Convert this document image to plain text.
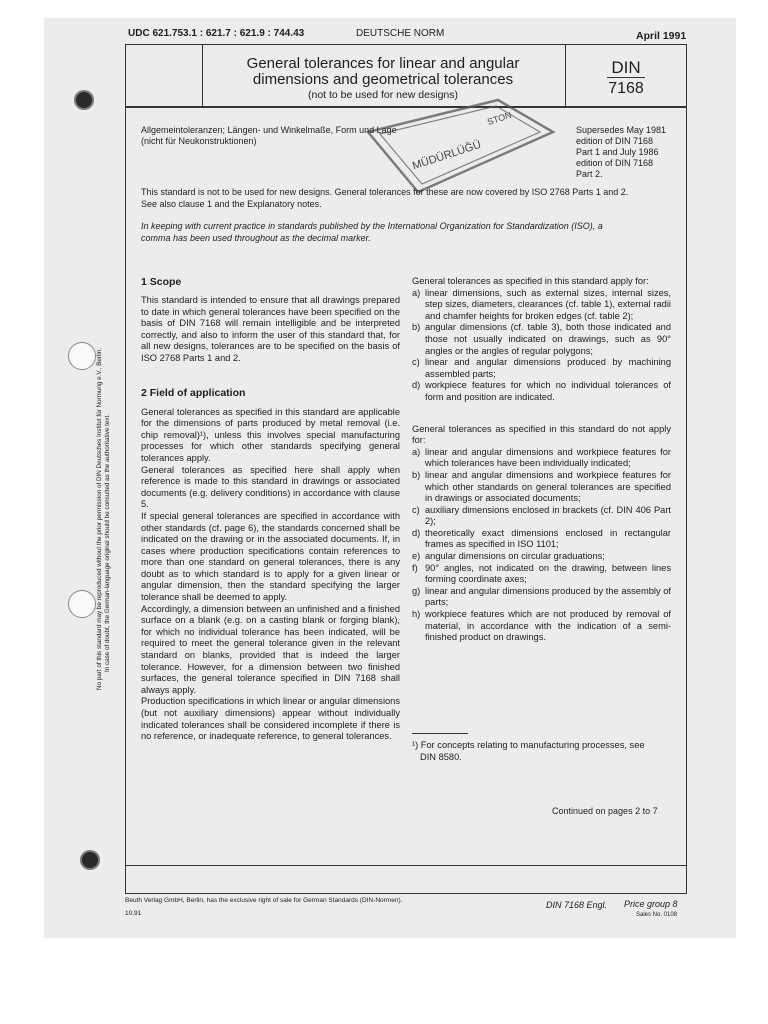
No part of this standard may be reproduced without the prior permission of DIN Deutsches Institut für Normung e.V., Berlin. In case of doubt, the German-language original should be consulted as the authoritative text.
UDC 621.753.1 : 621.7 : 621.9 : 744.43	DEUTSCHE NORM	April 1991
General tolerances for linear and angular
dimensions and geometrical tolerances
(not to be used for new designs)
DIN
7168
MÜDÜRLÜĞÜ
STON
Allgemeintoleranzen; Längen- und Winkelmaße, Form und Lage
(nicht für Neukonstruktionen)
Supersedes May 1981
edition of DIN 7168
Part 1 and July 1986
edition of DIN 7168
Part 2.
This standard is not to be used for new designs. General tolerances for these are now covered by ISO 2768 Parts 1 and 2.
See also clause 1 and the Explanatory notes.
In keeping with current practice in standards published by the International Organization for Standardization (ISO), a
comma has been used throughout as the decimal marker.
1 Scope
This standard is intended to ensure that all drawings prepared to date in which general tolerances have been specified on the basis of DIN 7168 will remain intelligible and be interpreted correctly, and also to inform the user of this standard that, for all new designs, tolerances are to be specified on the basis of ISO 2768 Parts 1 and 2.
2 Field of application
General tolerances as specified in this standard are applicable for the dimensions of parts produced by metal removal (i.e. chip removal)¹), unless this involves special manufacturing processes for which other standards specifying general tolerances apply.
General tolerances as specified here shall apply when reference is made to this standard in drawings or associated documents (e.g. delivery conditions) in accordance with clause 5.
If special general tolerances are specified in accordance with other standards (cf. page 6), the standards concerned shall be indicated on the drawing or in the associated documents. If, in cases where production specifications contain references to more than one standard on general tolerances, there is any doubt as to which standard is to apply for a given linear or angular dimension, then the standard specifying the larger tolerance shall be deemed to apply.
Accordingly, a dimension between an unfinished and a finished surface on a blank (e.g. on a casting blank or forging blank), for which no individual tolerance has been indicated, will be required to meet the general tolerance given in the relevant standard on blanks, provided that is indeed the larger tolerance. However, for a dimension between two finished surfaces, the general tolerance specified in DIN 7168 shall always apply.
Production specifications in which linear or angular dimensions (but not auxiliary dimensions) appear without individually indicated tolerances shall be considered incomplete if there is no reference, or inadequate reference, to general tolerances.
General tolerances as specified in this standard apply for:
a) linear dimensions, such as external sizes, internal sizes, step sizes, diameters, clearances (cf. table 1), external radii and chamfer heights for broken edges (cf. table 2);
b) angular dimensions (cf. table 3), both those indicated and those not usually indicated on drawings, such as 90° angles or the angles of regular polygons;
c) linear and angular dimensions produced by machining assembled parts;
d) workpiece features for which no individual tolerances of form and position are indicated.
General tolerances as specified in this standard do not apply for:
a) linear and angular dimensions and workpiece features for which tolerances have been individually indicated;
b) linear and angular dimensions and workpiece features for which other standards on general tolerances are specified in drawings or associated documents;
c) auxiliary dimensions enclosed in brackets (cf. DIN 406 Part 2);
d) theoretically exact dimensions enclosed in rectangular frames as specified in ISO 1101;
e) angular dimensions on circular graduations;
f) 90° angles, not indicated on the drawing, between lines forming coordinate axes;
g) linear and angular dimensions produced by the assembly of parts;
h) workpiece features which are not produced by removal of material, in accordance with the indication of a semi-finished product on drawings.
¹) For concepts relating to manufacturing processes, see
DIN 8580.
Continued on pages 2 to 7
Beuth Verlag GmbH, Berlin, has the exclusive right of sale for German Standards (DIN-Normen).
10.91
DIN 7168 Engl. Price group 8
Sales No. 0108
